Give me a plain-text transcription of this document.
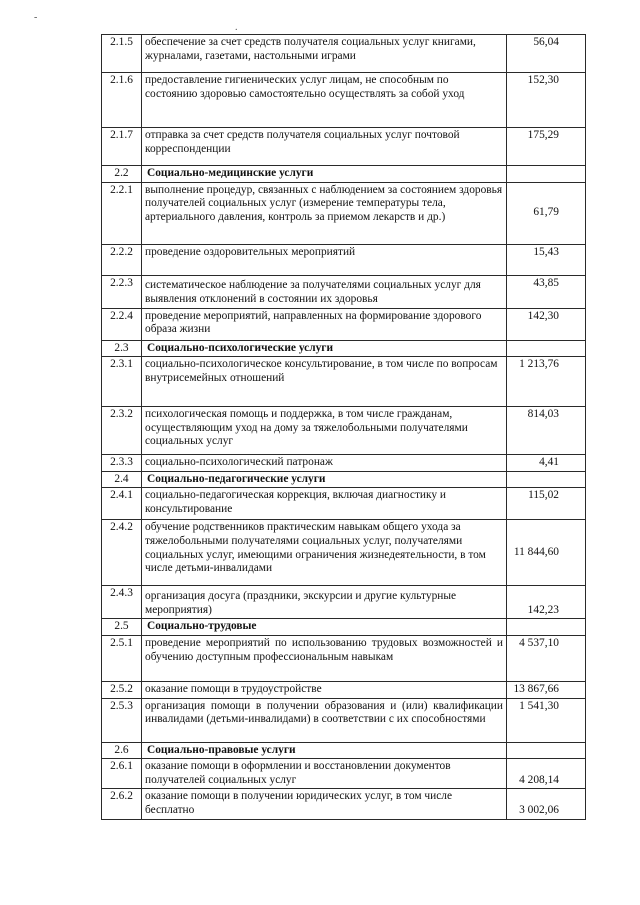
-
.
2.1.5	обеспечение за счет средств получателя социальных услуг книгами, журналами, газетами, настольными играми	56,04
2.1.6	предоставление гигиенических услуг лицам, не способным по состоянию здоровью самостоятельно осуществлять за собой уход	152,30
2.1.7	отправка за счет средств получателя социальных услуг почтовой корреспонденции	175,29
2.2	Социально-медицинские услуги	
2.2.1	выполнение процедур, связанных с наблюдением за состоянием здоровья получателей социальных услуг (измерение температуры тела, артериального давления, контроль за приемом лекарств и др.)	61,79
2.2.2	проведение оздоровительных мероприятий	15,43
2.2.3	систематическое наблюдение за получателями социальных услуг для выявления отклонений в состоянии их здоровья	43,85
2.2.4	проведение мероприятий, направленных на формирование здорового образа жизни	142,30
2.3	Социально-психологические услуги	
2.3.1	социально-психологическое консультирование, в том числе по вопросам внутрисемейных отношений	1 213,76
2.3.2	психологическая помощь и поддержка, в том числе гражданам, осуществляющим уход на дому за тяжелобольными получателями социальных услуг	814,03
2.3.3	социально-психологический патронаж	4,41
2.4	Социально-педагогические услуги	
2.4.1	социально-педагогическая коррекция, включая диагностику и консультирование	115,02
2.4.2	обучение родственников практическим навыкам общего ухода за тяжелобольными получателями социальных услуг, получателями социальных услуг, имеющими ограничения жизнедеятельности, в том числе детьми-инвалидами	11 844,60
2.4.3	организация досуга (праздники, экскурсии и другие культурные мероприятия)	142,23
2.5	Социально-трудовые	
2.5.1	проведение мероприятий по использованию трудовых возможностей и обучению доступным профессиональным навыкам	4 537,10
2.5.2	оказание помощи в трудоустройстве	13 867,66
2.5.3	организация помощи в получении образования и (или) квалификации инвалидами (детьми-инвалидами) в соответствии с их способностями	1 541,30
2.6	Социально-правовые услуги	
2.6.1	оказание помощи в оформлении и восстановлении документов получателей социальных услуг	4 208,14
2.6.2	оказание помощи в получении юридических услуг, в том числе бесплатно	3 002,06
